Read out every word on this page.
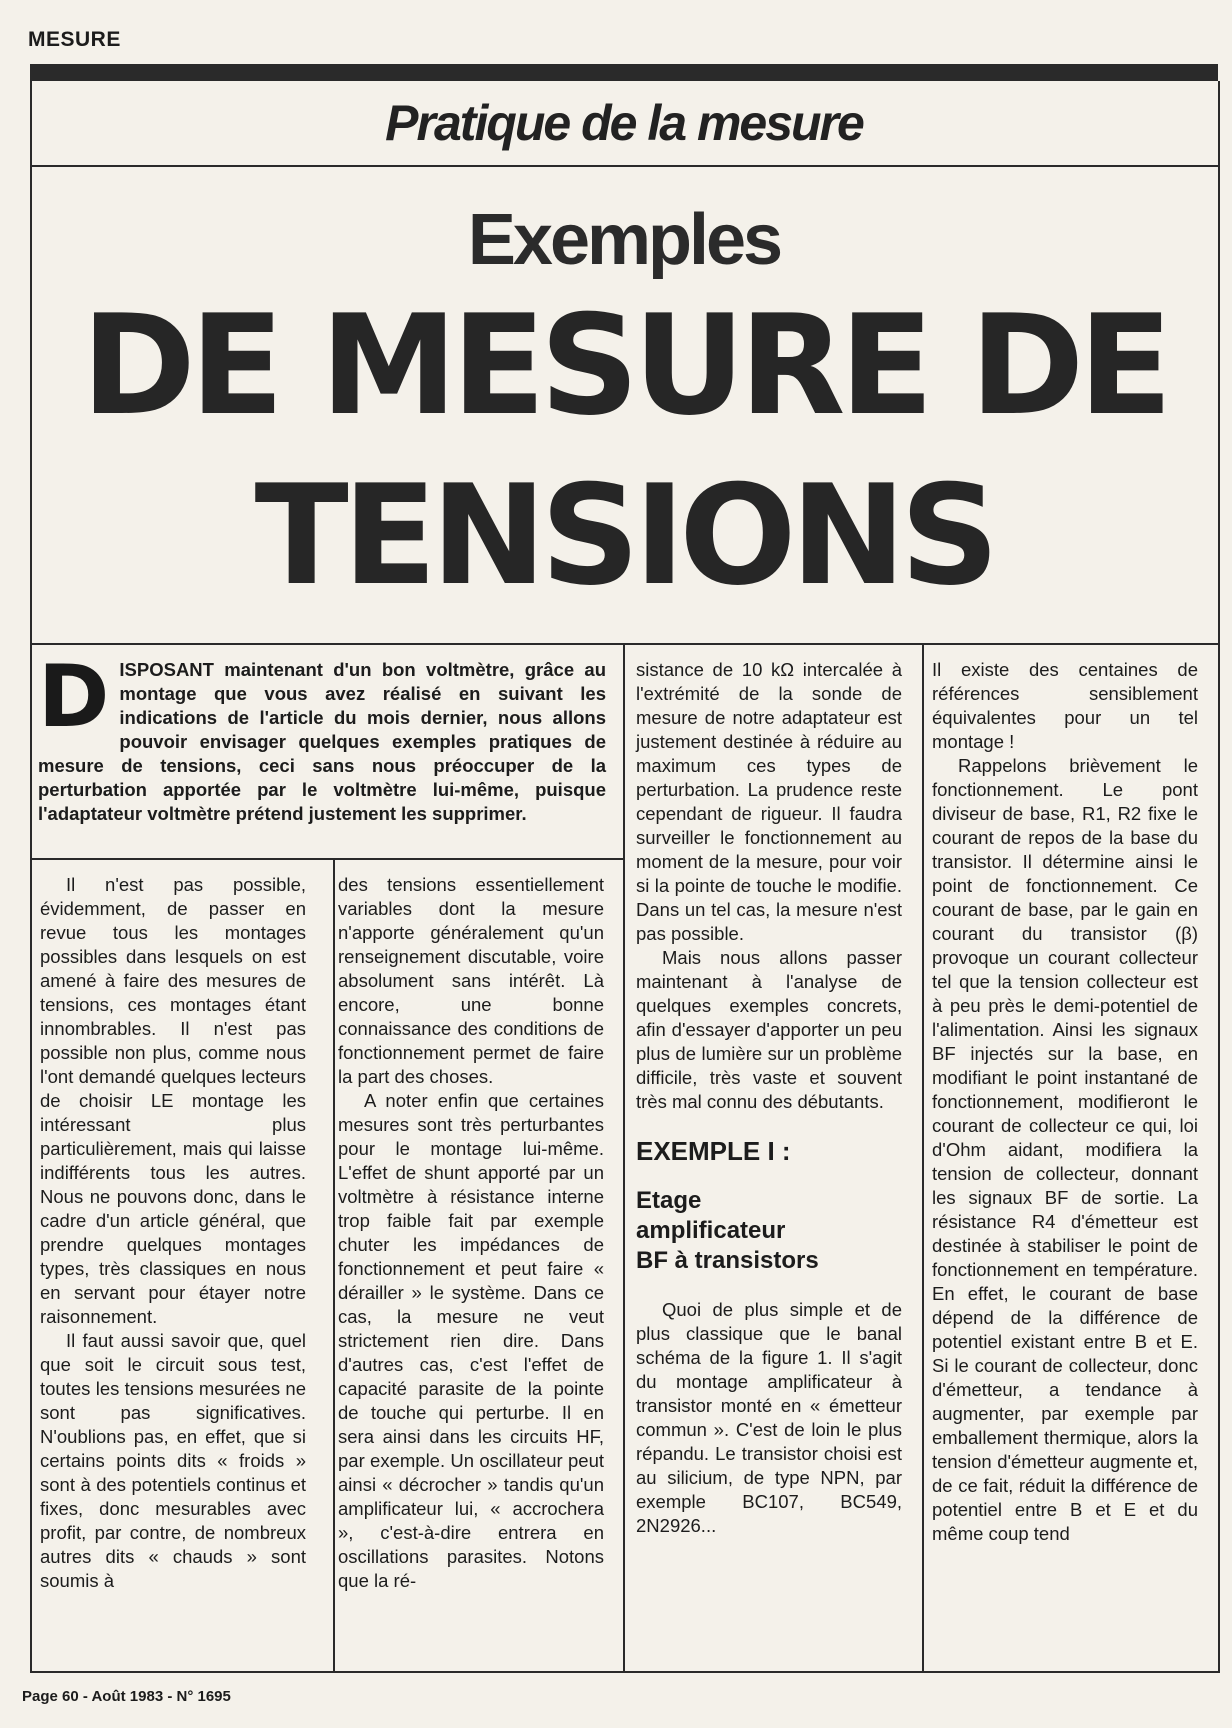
MESURE
Pratique de la mesure
Exemples
DE MESURE DE
TENSIONS
D ISPOSANT maintenant d'un bon voltmètre, grâce au montage que vous avez réalisé en suivant les indications de l'article du mois dernier, nous allons pouvoir envisager quelques exemples pratiques de mesure de tensions, ceci sans nous préoccuper de la perturbation apportée par le voltmètre lui-même, puisque l'adaptateur voltmètre prétend justement les supprimer.

Il n'est pas possible, évidemment, de passer en revue tous les montages possibles dans lesquels on est amené à faire des mesures de tensions, ces montages étant innombrables. Il n'est pas possible non plus, comme nous l'ont demandé quelques lecteurs de choisir LE montage les intéressant plus particulièrement, mais qui laisse indifférents tous les autres. Nous ne pouvons donc, dans le cadre d'un article général, que prendre quelques montages types, très classiques en nous en servant pour étayer notre raisonnement.

Il faut aussi savoir que, quel que soit le circuit sous test, toutes les tensions mesurées ne sont pas significatives. N'oublions pas, en effet, que si certains points dits « froids » sont à des potentiels continus et fixes, donc mesurables avec profit, par contre, de nombreux autres dits « chauds » sont soumis à

des tensions essentiellement variables dont la mesure n'apporte généralement qu'un renseignement discutable, voire absolument sans intérêt. Là encore, une bonne connaissance des conditions de fonctionnement permet de faire la part des choses.

A noter enfin que certaines mesures sont très perturbantes pour le montage lui-même. L'effet de shunt apporté par un voltmètre à résistance interne trop faible fait par exemple chuter les impédances de fonctionnement et peut faire « dérailler » le système. Dans ce cas, la mesure ne veut strictement rien dire. Dans d'autres cas, c'est l'effet de capacité parasite de la pointe de touche qui perturbe. Il en sera ainsi dans les circuits HF, par exemple. Un oscillateur peut ainsi « décrocher » tandis qu'un amplificateur lui, « accrochera », c'est-à-dire entrera en oscillations parasites. Notons que la ré-

sistance de 10 kΩ intercalée à l'extrémité de la sonde de mesure de notre adaptateur est justement destinée à réduire au maximum ces types de perturbation. La prudence reste cependant de rigueur. Il faudra surveiller le fonctionnement au moment de la mesure, pour voir si la pointe de touche le modifie. Dans un tel cas, la mesure n'est pas possible.

Mais nous allons passer maintenant à l'analyse de quelques exemples concrets, afin d'essayer d'apporter un peu plus de lumière sur un problème difficile, très vaste et souvent très mal connu des débutants.

EXEMPLE I :
Etage
amplificateur
BF à transistors

Quoi de plus simple et de plus classique que le banal schéma de la figure 1. Il s'agit du montage amplificateur à transistor monté en « émetteur commun ». C'est de loin le plus répandu. Le transistor choisi est au silicium, de type NPN, par exemple BC107, BC549, 2N2926...

Il existe des centaines de références sensiblement équivalentes pour un tel montage !

Rappelons brièvement le fonctionnement. Le pont diviseur de base, R1, R2 fixe le courant de repos de la base du transistor. Il détermine ainsi le point de fonctionnement. Ce courant de base, par le gain en courant du transistor (β) provoque un courant collecteur tel que la tension collecteur est à peu près le demi-potentiel de l'alimentation. Ainsi les signaux BF injectés sur la base, en modifiant le point instantané de fonctionnement, modifieront le courant de collecteur ce qui, loi d'Ohm aidant, modifiera la tension de collecteur, donnant les signaux BF de sortie. La résistance R4 d'émetteur est destinée à stabiliser le point de fonctionnement en température. En effet, le courant de base dépend de la différence de potentiel existant entre B et E. Si le courant de collecteur, donc d'émetteur, a tendance à augmenter, par exemple par emballement thermique, alors la tension d'émetteur augmente et, de ce fait, réduit la différence de potentiel entre B et E et du même coup tend

Page 60 - Août 1983 - N° 1695
